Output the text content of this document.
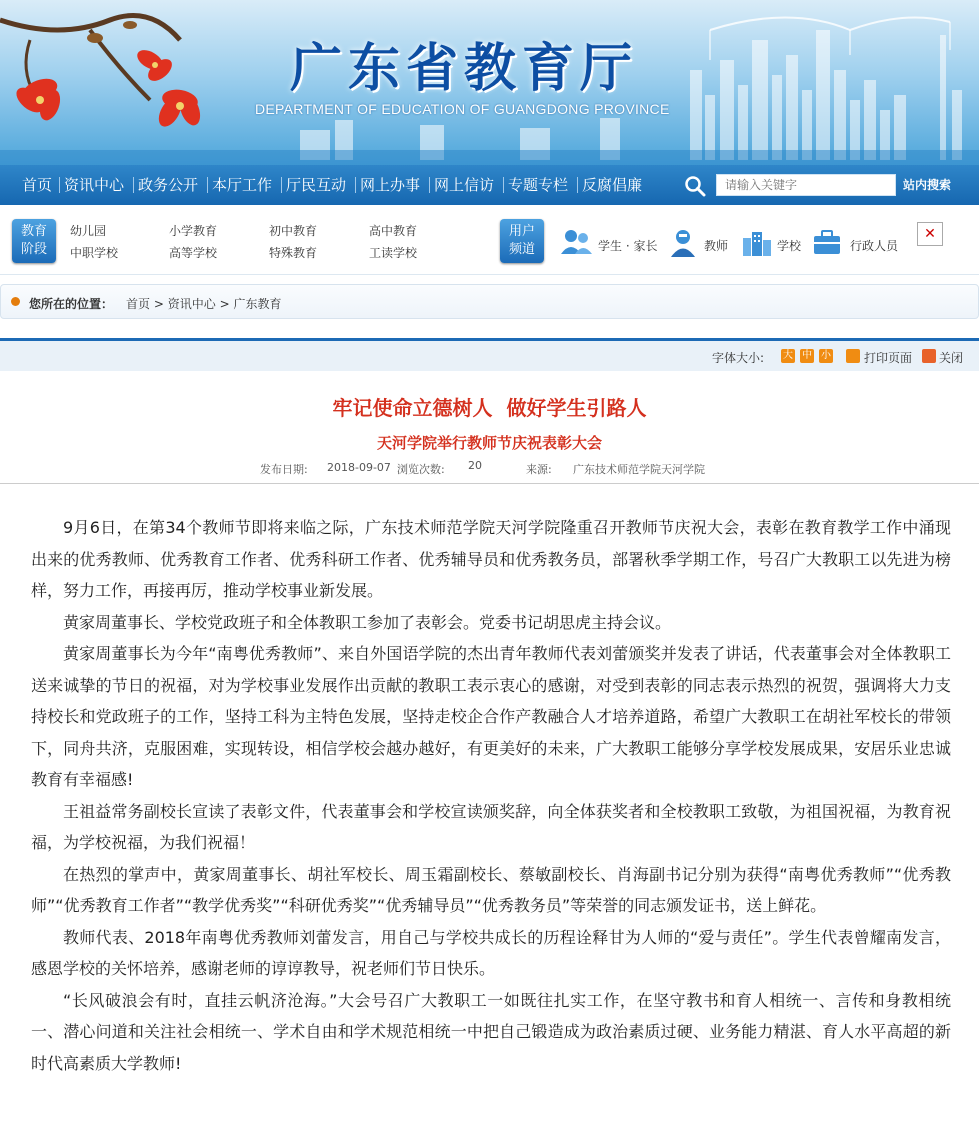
广东省教育厅
DEPARTMENT OF EDUCATION OF GUANGDONG PROVINCE
首页 资讯中心 政务公开 本厅工作 厅民互动 网上办事 网上信访 专题专栏 反腐倡廉
请输入关键字	站内搜索
教育
阶段
幼儿园	小学教育	初中教育	高中教育
中职学校	高等学校	特殊教育	工读学校
用户
频道	学生 · 家长	教师	学校	行政人员
✕
您所在的位置： 首页 > 资讯中心 > 广东教育
字体大小: 大 中 小	打印页面 关闭
牢记使命立德树人  做好学生引路人
天河学院举行教师节庆祝表彰大会
发布日期: 2018-09-07 浏览次数: 20	来源: 广东技术师范学院天河学院

9月6日，在第34个教师节即将来临之际，广东技术师范学院天河学院隆重召开教师节庆祝大会，表彰在教育教学工作中涌现出来的优秀教师、优秀教育工作者、优秀科研工作者、优秀辅导员和优秀教务员，部署秋季学期工作，号召广大教职工以先进为榜样，努力工作，再接再厉，推动学校事业新发展。

黄家周董事长、学校党政班子和全体教职工参加了表彰会。党委书记胡思虎主持会议。

黄家周董事长为今年“南粤优秀教师”、来自外国语学院的杰出青年教师代表刘蕾颁奖并发表了讲话，代表董事会对全体教职工送来诚挚的节日的祝福，对为学校事业发展作出贡献的教职工表示衷心的感谢，对受到表彰的同志表示热烈的祝贺，强调将大力支持校长和党政班子的工作，坚持工科为主特色发展，坚持走校企合作产教融合人才培养道路，希望广大教职工在胡社军校长的带领下，同舟共济，克服困难，实现转设，相信学校会越办越好，有更美好的未来，广大教职工能够分享学校发展成果，安居乐业忠诚教育有幸福感!

王祖益常务副校长宣读了表彰文件，代表董事会和学校宣读颁奖辞，向全体获奖者和全校教职工致敬，为祖国祝福，为教育祝福，为学校祝福，为我们祝福！

在热烈的掌声中，黄家周董事长、胡社军校长、周玉霜副校长、蔡敏副校长、肖海副书记分别为获得“南粤优秀教师”“优秀教师”“优秀教育工作者”“教学优秀奖”“科研优秀奖”“优秀辅导员”“优秀教务员”等荣誉的同志颁发证书，送上鲜花。

教师代表、2018年南粤优秀教师刘蕾发言，用自己与学校共成长的历程诠释甘为人师的“爱与责任”。学生代表曾耀南发言，感恩学校的关怀培养，感谢老师的谆谆教导，祝老师们节日快乐。

“长风破浪会有时，直挂云帆济沧海。”大会号召广大教职工一如既往扎实工作，在坚守教书和育人相统一、言传和身教相统一、潜心问道和关注社会相统一、学术自由和学术规范相统一中把自己锻造成为政治素质过硬、业务能力精湛、育人水平高超的新时代高素质大学教师!
